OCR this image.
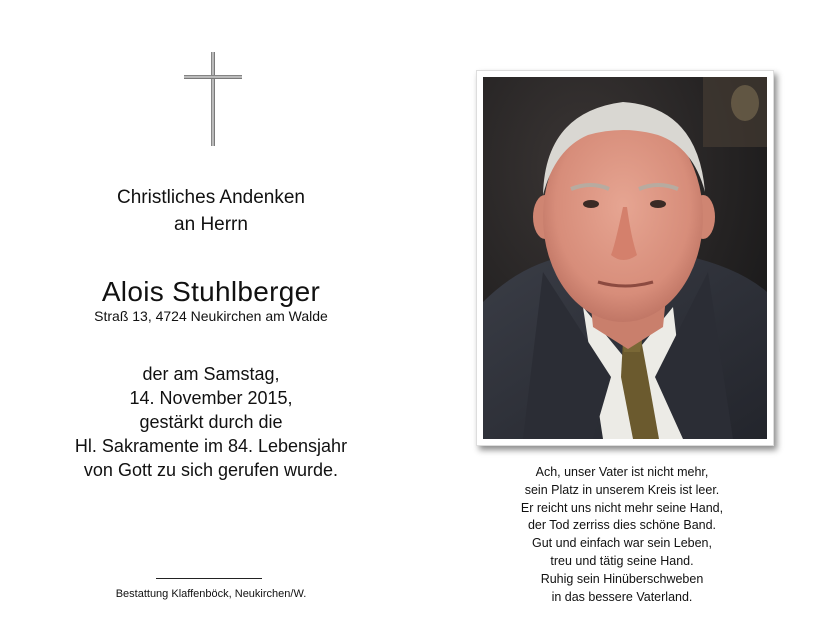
Christliches Andenken
an Herrn
Alois Stuhlberger
Straß 13, 4724 Neukirchen am Walde
der am Samstag,
14. November 2015,
gestärkt durch die
Hl. Sakramente im 84. Lebensjahr
von Gott zu sich gerufen wurde.
Bestattung Klaffenböck, Neukirchen/W.
Ach, unser Vater ist nicht mehr,
sein Platz in unserem Kreis ist leer.
Er reicht uns nicht mehr seine Hand,
der Tod zerriss dies schöne Band.
Gut und einfach war sein Leben,
treu und tätig seine Hand.
Ruhig sein Hinüberschweben
in das bessere Vaterland.
